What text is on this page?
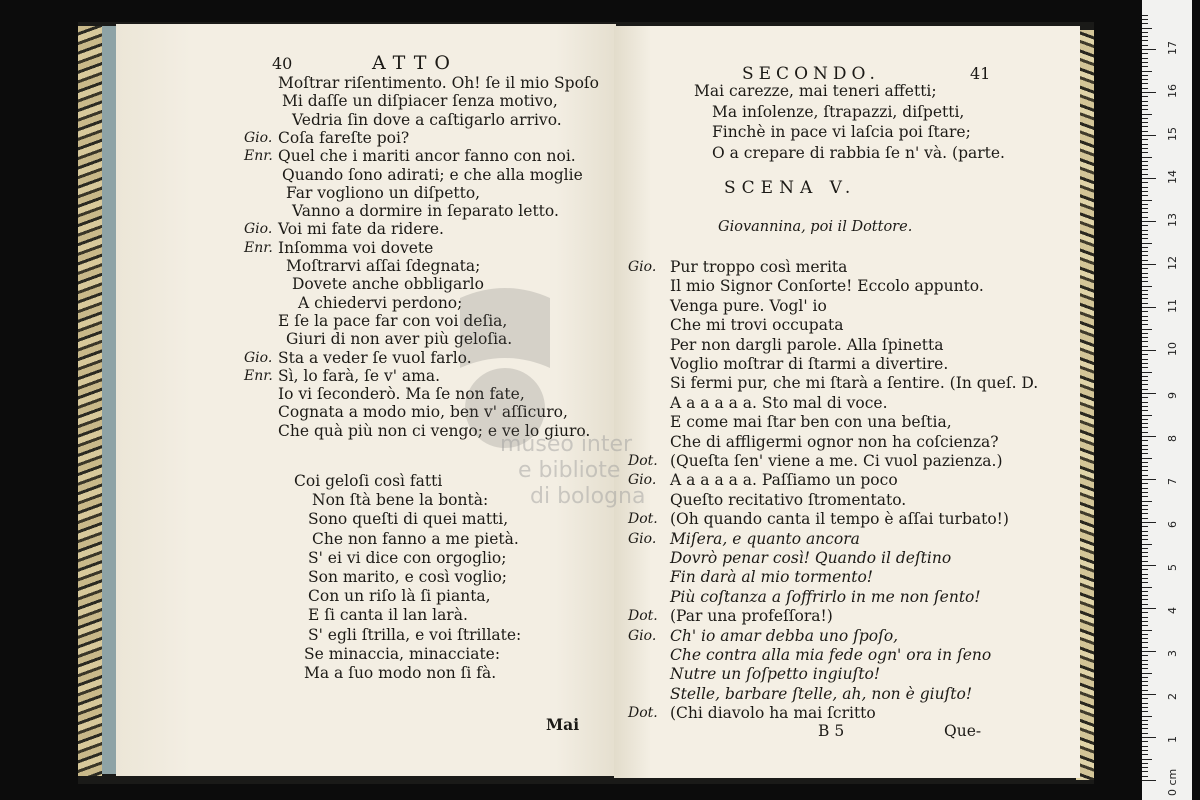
40	ATTO
Moſtrar riſentimento. Oh! ſe il mio Spoſo
Mi daſſe un diſpiacer ſenza motivo,
Vedria ſin dove a caſtigarlo arrivo.
Gio. Coſa fareſte poi?
Enr. Quel che i mariti ancor fanno con noi.
Quando ſono adirati; e che alla moglie
Far vogliono un diſpetto,
Vanno a dormire in ſeparato letto.
Gio. Voi mi fate da ridere.
Enr. Inſomma voi dovete
Moſtrarvi aſſai ſdegnata;
Dovete anche obbligarlo
A chiedervi perdono;
E ſe la pace far con voi deſia,
Giuri di non aver più geloſia.
Gio. Sta a veder ſe vuol farlo.
Enr. Sì, lo farà, ſe v' ama.
Io vi ſeconderò. Ma ſe non fate,
Cognata a modo mio, ben v' aſſicuro,
Che quà più non ci vengo; e ve lo giuro.
Coi geloſi così fatti
Non ſtà bene la bontà:
Sono queſti di quei matti,
Che non fanno a me pietà.
S' ei vi dice con orgoglio;
Son marito, e così voglio;
Con un riſo là ſi pianta,
E ſi canta il lan larà.
S' egli ſtrilla, e voi ſtrillate:
Se minaccia, minacciate:
Ma a ſuo modo non ſi fà.
Mai
SECONDO.	41
Mai carezze, mai teneri affetti;
Ma inſolenze, ſtrapazzi, diſpetti,
Finchè in pace vi laſcia poi ſtare;
O a crepare di rabbia ſe n' và. (parte.
SCENA V.
Giovannina, poi il Dottore.
Gio. Pur troppo così merita
Il mio Signor Conſorte! Eccolo appunto.
Venga pure. Vogl' io
Che mi trovi occupata
Per non dargli parole. Alla ſpinetta
Voglio moſtrar di ſtarmi a divertire.
Si fermi pur, che mi ſtarà a ſentire. (In queſ. D.
A a a a a a. Sto mal di voce.
E come mai ſtar ben con una beſtia,
Che di affligermi ognor non ha coſcienza?
Dot. (Queſta ſen' viene a me. Ci vuol pazienza.)
Gio. A a a a a a. Paſſiamo un poco
Queſto recitativo ſtromentato.
Dot. (Oh quando canta il tempo è aſſai turbato!)
Gio. Miſera, e quanto ancora
Dovrò penar così! Quando il deſtino
Fin darà al mio tormento!
Più coſtanza a ſoffrirlo in me non ſento!
Dot. (Par una profeſſora!)
Gio. Ch' io amar debba uno ſpoſo,
Che contra alla mia fede ogn' ora in ſeno
Nutre un ſoſpetto ingiuſto!
Stelle, barbare ſtelle, ah, non è giuſto!
Dot. (Chi diavolo ha mai ſcritto
B 5	Que-
museo inter
e bibliote
di bologna
0 cm
1
2
3
4
5
6
7
8
9
10
11
12
13
14
15
16
17
